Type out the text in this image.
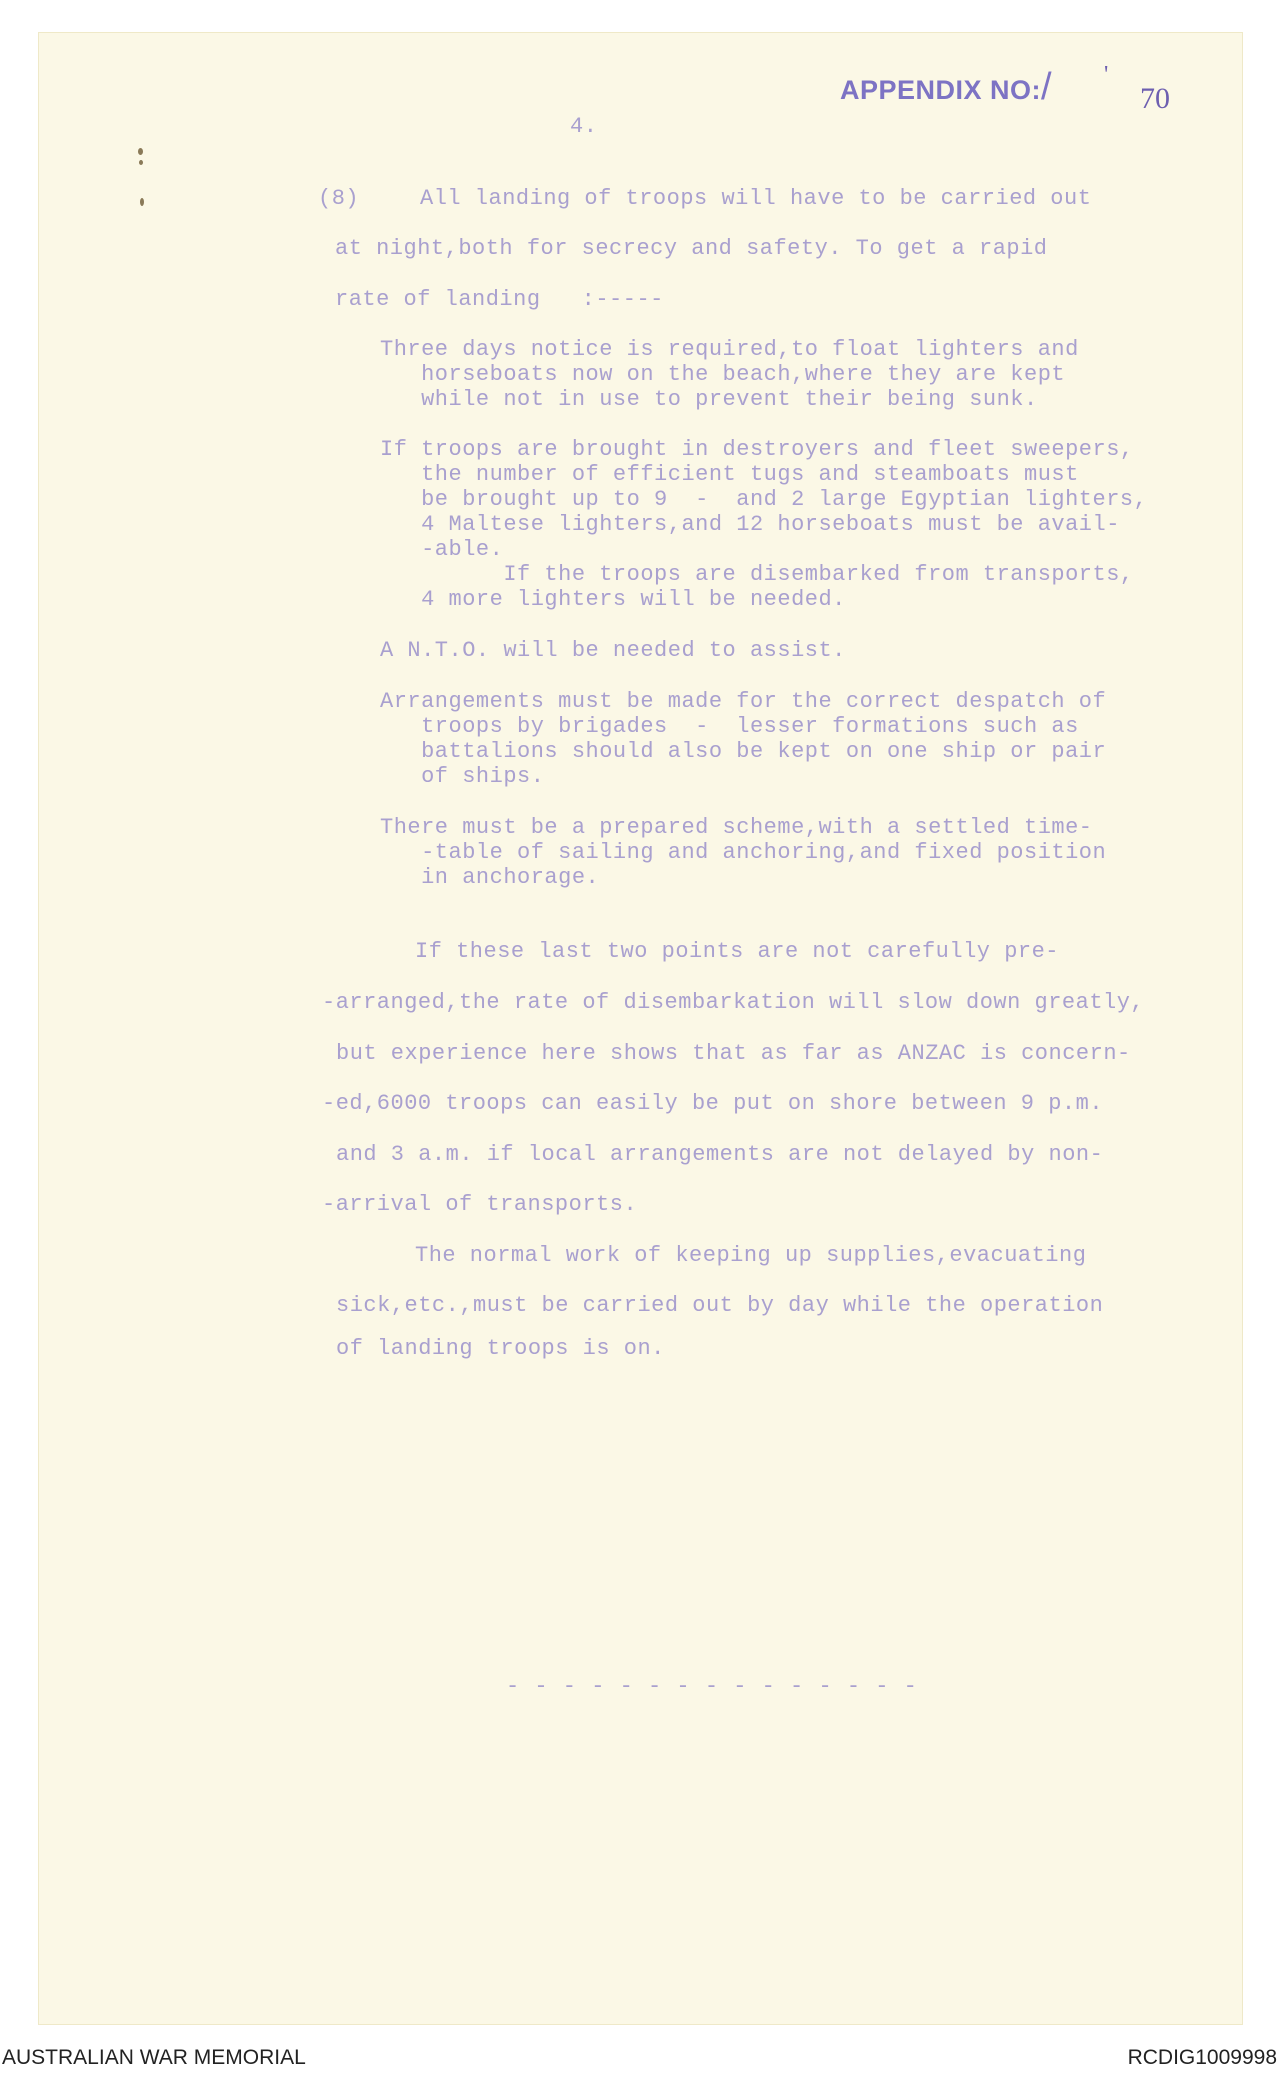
APPENDIX NO:/ '
70
4.
(8)	All landing of troops will have to be carried out
at night,both for secrecy and safety. To get a rapid
rate of landing   :-----
Three days notice is required,to float lighters and
horseboats now on the beach,where they are kept
while not in use to prevent their being sunk.
If troops are brought in destroyers and fleet sweepers,
the number of efficient tugs and steamboats must
be brought up to 9  -  and 2 large Egyptian lighters,
4 Maltese lighters,and 12 horseboats must be avail-
-able.
If the troops are disembarked from transports,
4 more lighters will be needed.
A N.T.O. will be needed to assist.
Arrangements must be made for the correct despatch of
troops by brigades  -  lesser formations such as
battalions should also be kept on one ship or pair
of ships.
There must be a prepared scheme,with a settled time-
-table of sailing and anchoring,and fixed position
in anchorage.
If these last two points are not carefully pre-
-arranged,the rate of disembarkation will slow down greatly,
but experience here shows that as far as ANZAC is concern-
-ed,6000 troops can easily be put on shore between 9 p.m.
and 3 a.m. if local arrangements are not delayed by non-
-arrival of transports.
The normal work of keeping up supplies,evacuating
sick,etc.,must be carried out by day while the operation
of landing troops is on.
- - - - - - - - - - - - - - -
AUSTRALIAN WAR MEMORIAL	RCDIG1009998
